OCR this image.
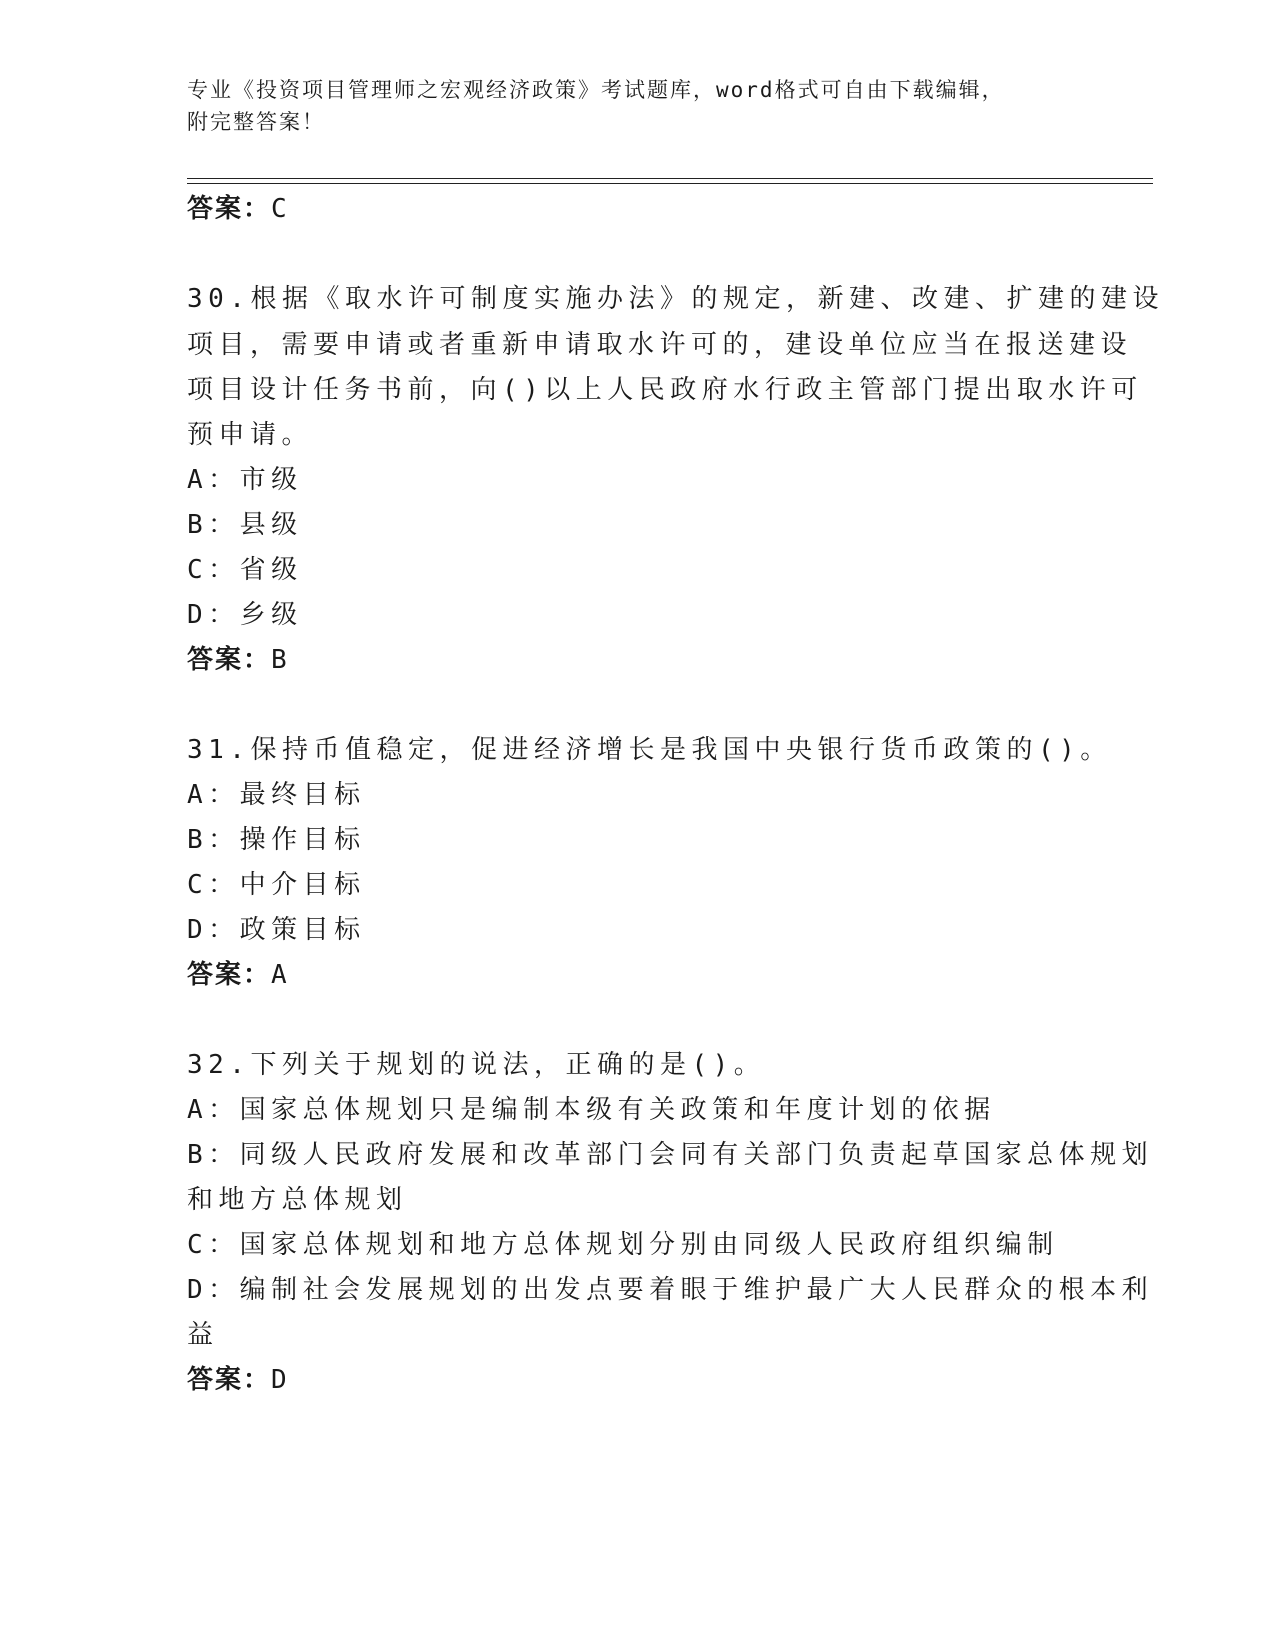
专业《投资项目管理师之宏观经济政策》考试题库，word格式可自由下载编辑，
附完整答案！
答案：C
30.根据《取水许可制度实施办法》的规定，新建、改建、扩建的建设
项目，需要申请或者重新申请取水许可的，建设单位应当在报送建设
项目设计任务书前，向()以上人民政府水行政主管部门提出取水许可
预申请。
A：市级
B：县级
C：省级
D：乡级
答案：B
31.保持币值稳定，促进经济增长是我国中央银行货币政策的()。
A：最终目标
B：操作目标
C：中介目标
D：政策目标
答案：A
32.下列关于规划的说法，正确的是()。
A：国家总体规划只是编制本级有关政策和年度计划的依据
B：同级人民政府发展和改革部门会同有关部门负责起草国家总体规划
和地方总体规划
C：国家总体规划和地方总体规划分别由同级人民政府组织编制
D：编制社会发展规划的出发点要着眼于维护最广大人民群众的根本利
益
答案：D
